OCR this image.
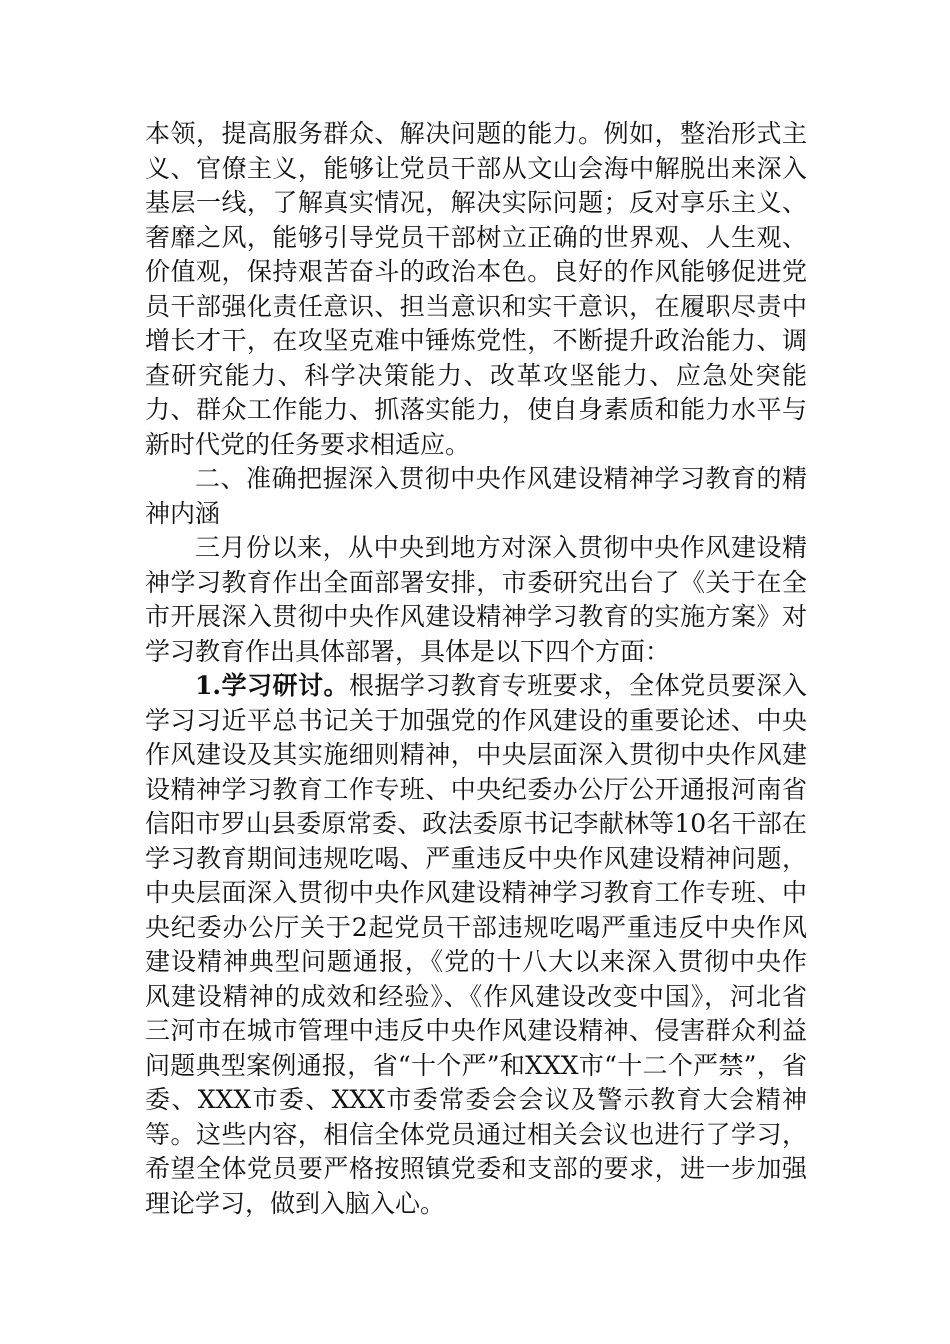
本领，提高服务群众、解决问题的能力。例如，整治形式主义、官僚主义，能够让党员干部从文山会海中解脱出来深入基层一线，了解真实情况，解决实际问题；反对享乐主义、奢靡之风，能够引导党员干部树立正确的世界观、人生观、价值观，保持艰苦奋斗的政治本色。良好的作风能够促进党员干部强化责任意识、担当意识和实干意识，在履职尽责中增长才干，在攻坚克难中锤炼党性，不断提升政治能力、调查研究能力、科学决策能力、改革攻坚能力、应急处突能力、群众工作能力、抓落实能力，使自身素质和能力水平与新时代党的任务要求相适应。

二、准确把握深入贯彻中央作风建设精神学习教育的精神内涵

三月份以来，从中央到地方对深入贯彻中央作风建设精神学习教育作出全面部署安排，市委研究出台了《关于在全市开展深入贯彻中央作风建设精神学习教育的实施方案》对学习教育作出具体部署，具体是以下四个方面：

1.学习研讨。根据学习教育专班要求，全体党员要深入学习习近平总书记关于加强党的作风建设的重要论述、中央作风建设及其实施细则精神，中央层面深入贯彻中央作风建设精神学习教育工作专班、中央纪委办公厅公开通报河南省信阳市罗山县委原常委、政法委原书记李献林等10名干部在学习教育期间违规吃喝、严重违反中央作风建设精神问题，中央层面深入贯彻中央作风建设精神学习教育工作专班、中央纪委办公厅关于2起党员干部违规吃喝严重违反中央作风建设精神典型问题通报，《党的十八大以来深入贯彻中央作风建设精神的成效和经验》、《作风建设改变中国》，河北省三河市在城市管理中违反中央作风建设精神、侵害群众利益问题典型案例通报，省“十个严”和XXX市“十二个严禁”，省委、XXX市委、XXX市委常委会会议及警示教育大会精神等。这些内容，相信全体党员通过相关会议也进行了学习，希望全体党员要严格按照镇党委和支部的要求，进一步加强理论学习，做到入脑入心。
